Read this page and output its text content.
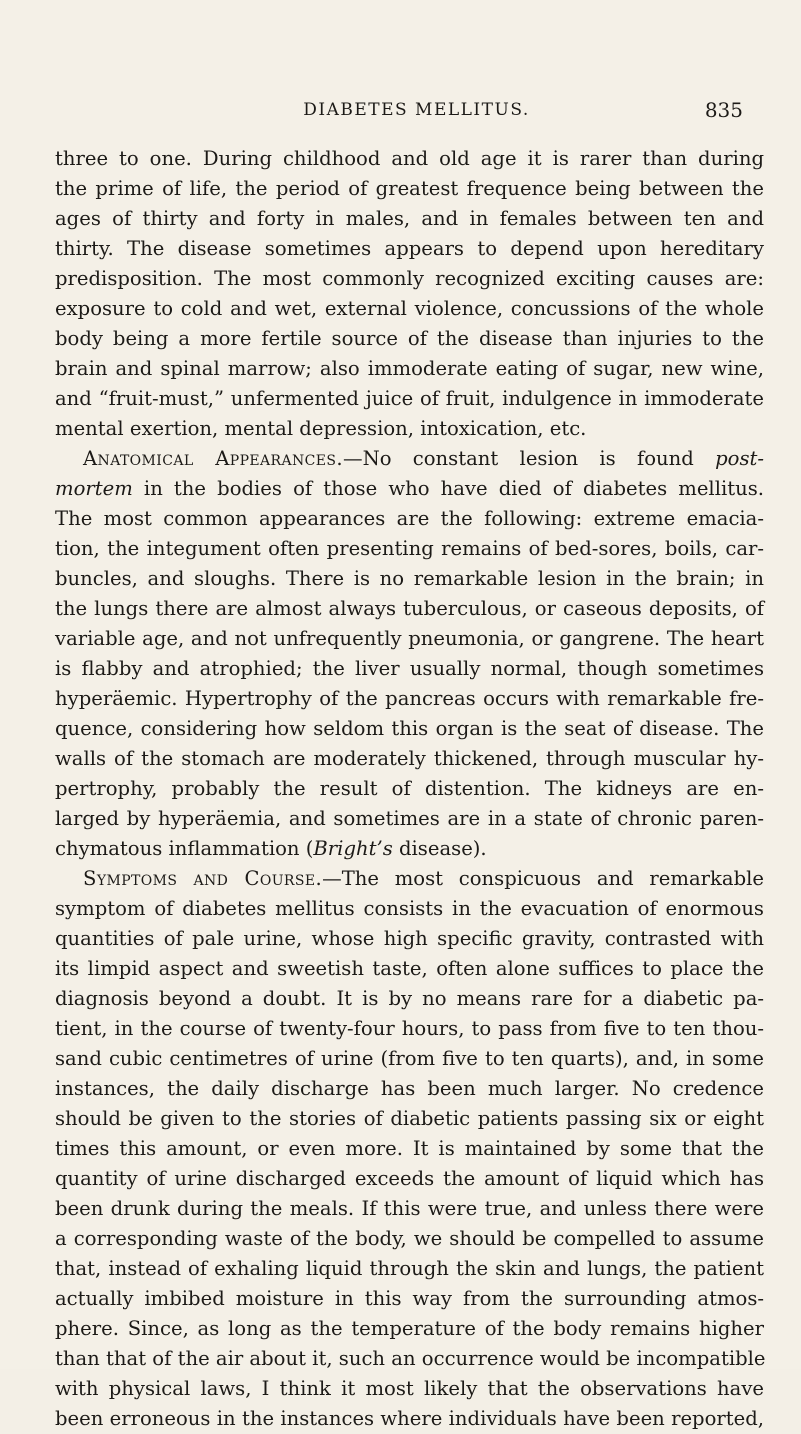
DIABETES MELLITUS.	835
three to one. During childhood and old age it is rarer than during
the prime of life, the period of greatest frequence being between the
ages of thirty and forty in males, and in females between ten and
thirty. The disease sometimes appears to depend upon hereditary
predisposition. The most commonly recognized exciting causes are:
exposure to cold and wet, external violence, concussions of the whole
body being a more fertile source of the disease than injuries to the
brain and spinal marrow; also immoderate eating of sugar, new wine,
and “fruit-must,” unfermented juice of fruit, indulgence in immoderate
mental exertion, mental depression, intoxication, etc.
Anatomical Appearances.—No constant lesion is found post-
mortem in the bodies of those who have died of diabetes mellitus.
The most common appearances are the following: extreme emacia-
tion, the integument often presenting remains of bed-sores, boils, car-
buncles, and sloughs. There is no remarkable lesion in the brain; in
the lungs there are almost always tuberculous, or caseous deposits, of
variable age, and not unfrequently pneumonia, or gangrene. The heart
is flabby and atrophied; the liver usually normal, though sometimes
hyperäemic. Hypertrophy of the pancreas occurs with remarkable fre-
quence, considering how seldom this organ is the seat of disease. The
walls of the stomach are moderately thickened, through muscular hy-
pertrophy, probably the result of distention. The kidneys are en-
larged by hyperäemia, and sometimes are in a state of chronic paren-
chymatous inflammation (Bright’s disease).
Symptoms and Course.—The most conspicuous and remarkable
symptom of diabetes mellitus consists in the evacuation of enormous
quantities of pale urine, whose high specific gravity, contrasted with
its limpid aspect and sweetish taste, often alone suffices to place the
diagnosis beyond a doubt. It is by no means rare for a diabetic pa-
tient, in the course of twenty-four hours, to pass from five to ten thou-
sand cubic centimetres of urine (from five to ten quarts), and, in some
instances, the daily discharge has been much larger. No credence
should be given to the stories of diabetic patients passing six or eight
times this amount, or even more. It is maintained by some that the
quantity of urine discharged exceeds the amount of liquid which has
been drunk during the meals. If this were true, and unless there were
a corresponding waste of the body, we should be compelled to assume
that, instead of exhaling liquid through the skin and lungs, the patient
actually imbibed moisture in this way from the surrounding atmos-
phere. Since, as long as the temperature of the body remains higher
than that of the air about it, such an occurrence would be incompatible
with physical laws, I think it most likely that the observations have
been erroneous in the instances where individuals have been reported,
